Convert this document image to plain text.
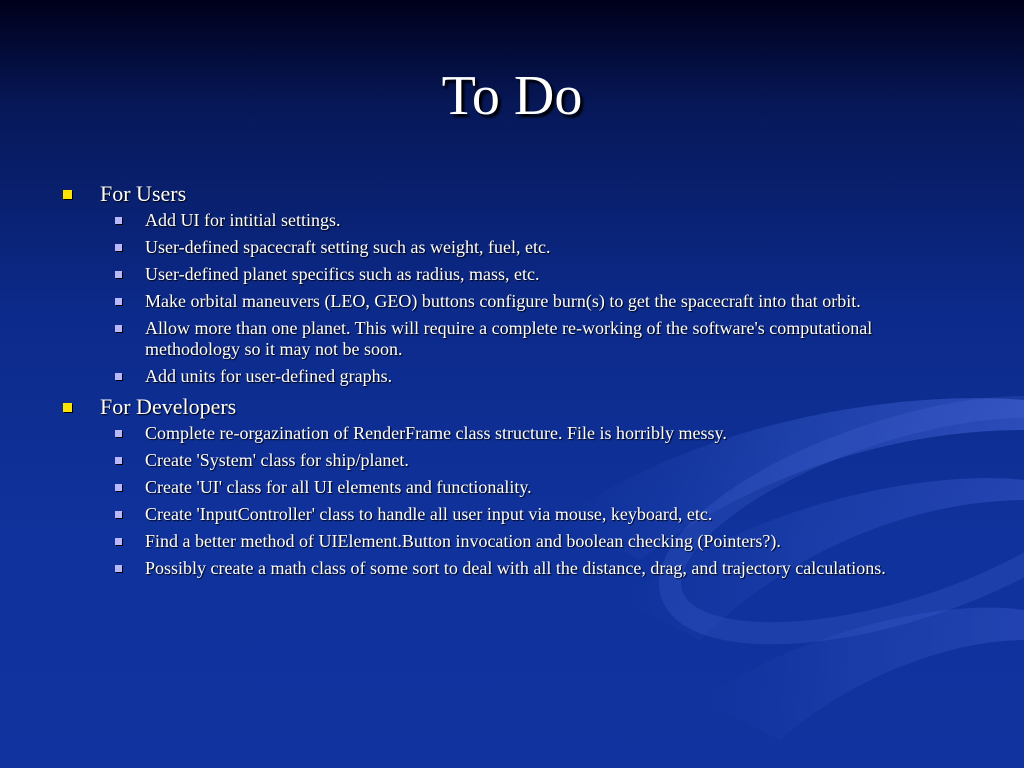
To Do
For Users
Add UI for intitial settings.
User-defined spacecraft setting such as weight, fuel, etc.
User-defined planet specifics such as radius, mass, etc.
Make orbital maneuvers (LEO, GEO) buttons configure burn(s) to get the spacecraft into that orbit.
Allow more than one planet. This will require a complete re-working of the software's computational methodology so it may not be soon.
Add units for user-defined graphs.
For Developers
Complete re-orgazination of RenderFrame class structure. File is horribly messy.
Create 'System' class for ship/planet.
Create 'UI' class for all UI elements and functionality.
Create 'InputController' class to handle all user input via mouse, keyboard, etc.
Find a better method of UIElement.Button invocation and boolean checking (Pointers?).
Possibly create a math class of some sort to deal with all the distance, drag, and trajectory calculations.
